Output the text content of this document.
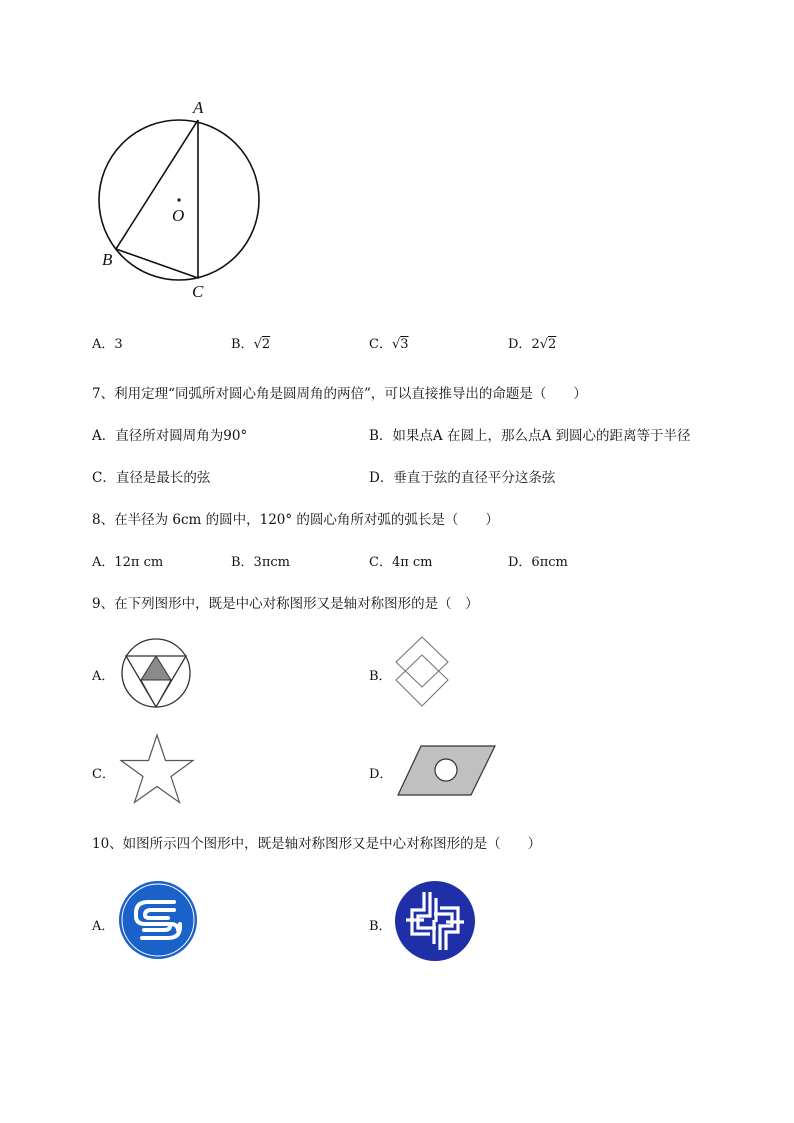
A
O
B
C
A．3	B．√2	C．√3	D．2√2
7、利用定理“同弧所对圆心角是圆周角的两倍”，可以直接推导出的命题是（　　）
A．直径所对圆周角为90°	B．如果点A 在圆上，那么点A 到圆心的距离等于半径
C．直径是最长的弦	D．垂直于弦的直径平分这条弦
8、在半径为 6cm 的圆中，120° 的圆心角所对弧的弧长是（　　）
A．12π cm	B．3πcm	C．4π cm	D．6πcm
9、在下列图形中，既是中心对称图形又是轴对称图形的是（　）
A．	B．
C．	D．
10、如图所示四个图形中，既是轴对称图形又是中心对称图形的是（　　）
A．	B．
